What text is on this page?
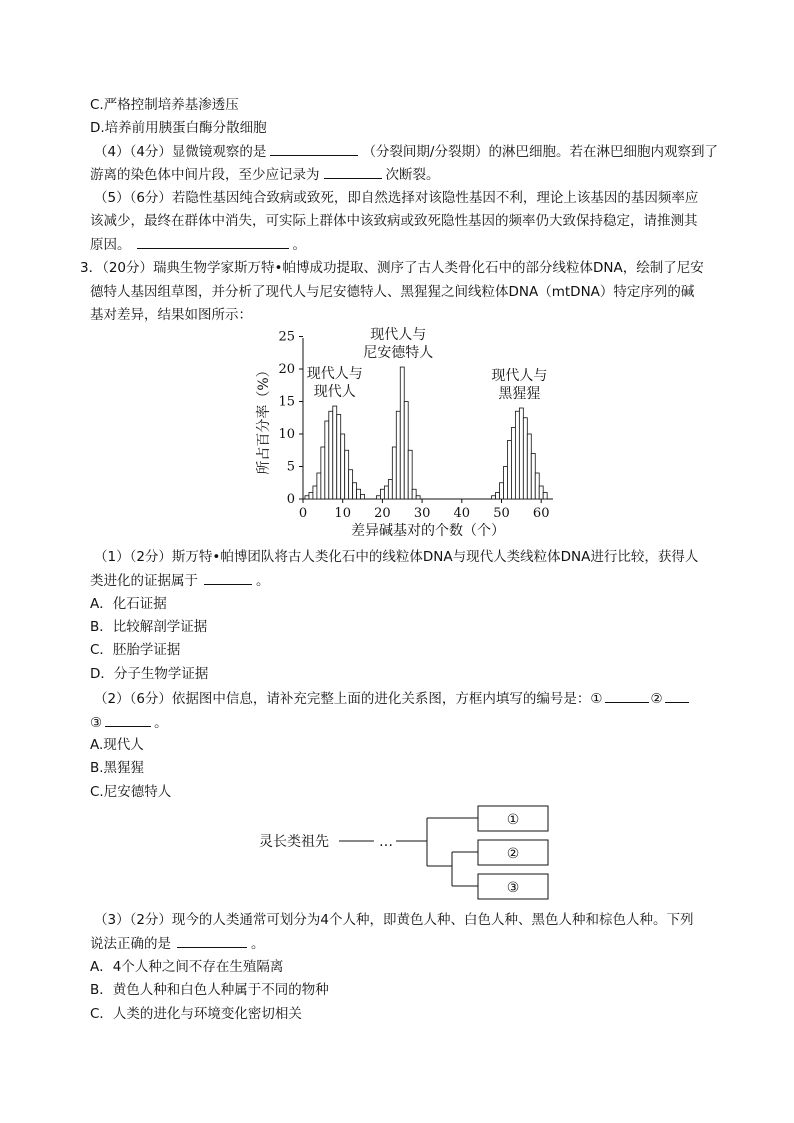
C.严格控制培养基渗透压
D.培养前用胰蛋白酶分散细胞
（4）（4分）显微镜观察的是	（分裂间期/分裂期）的淋巴细胞。若在淋巴细胞内观察到了
游离的染色体中间片段，至少应记录为	次断裂。
（5）（6分）若隐性基因纯合致病或致死，即自然选择对该隐性基因不利，理论上该基因的基因频率应
该减少，最终在群体中消失，可实际上群体中该致病或致死隐性基因的频率仍大致保持稳定，请推测其
原因。	。
3．（20分）瑞典生物学家斯万特•帕博成功提取、测序了古人类骨化石中的部分线粒体DNA，绘制了尼安
德特人基因组草图，并分析了现代人与尼安德特人、黑猩猩之间线粒体DNA（mtDNA）特定序列的碱
基对差异，结果如图所示：
0
5
10
15
20
25
0 10 20 30 40 50 60
现代人
现代人与
尼安德特人
现代人与
黑猩猩
现代人与
所占百分率（%）
差异碱基对的个数（个）
（1）（2分）斯万特•帕博团队将古人类化石中的线粒体DNA与现代人类线粒体DNA进行比较，获得人
类进化的证据属于	。
A．化石证据
B．比较解剖学证据
C．胚胎学证据
D．分子生物学证据
（2）（6分）依据图中信息，请补充完整上面的进化关系图，方框内填写的编号是：①	②
③	。
A.现代人
B.黑猩猩
C.尼安德特人
灵长类祖先	…
①
②
③
（3）（2分）现今的人类通常可划分为4个人种，即黄色人种、白色人种、黑色人种和棕色人种。下列
说法正确的是	。
A．4个人种之间不存在生殖隔离
B．黄色人种和白色人种属于不同的物种
C．人类的进化与环境变化密切相关
